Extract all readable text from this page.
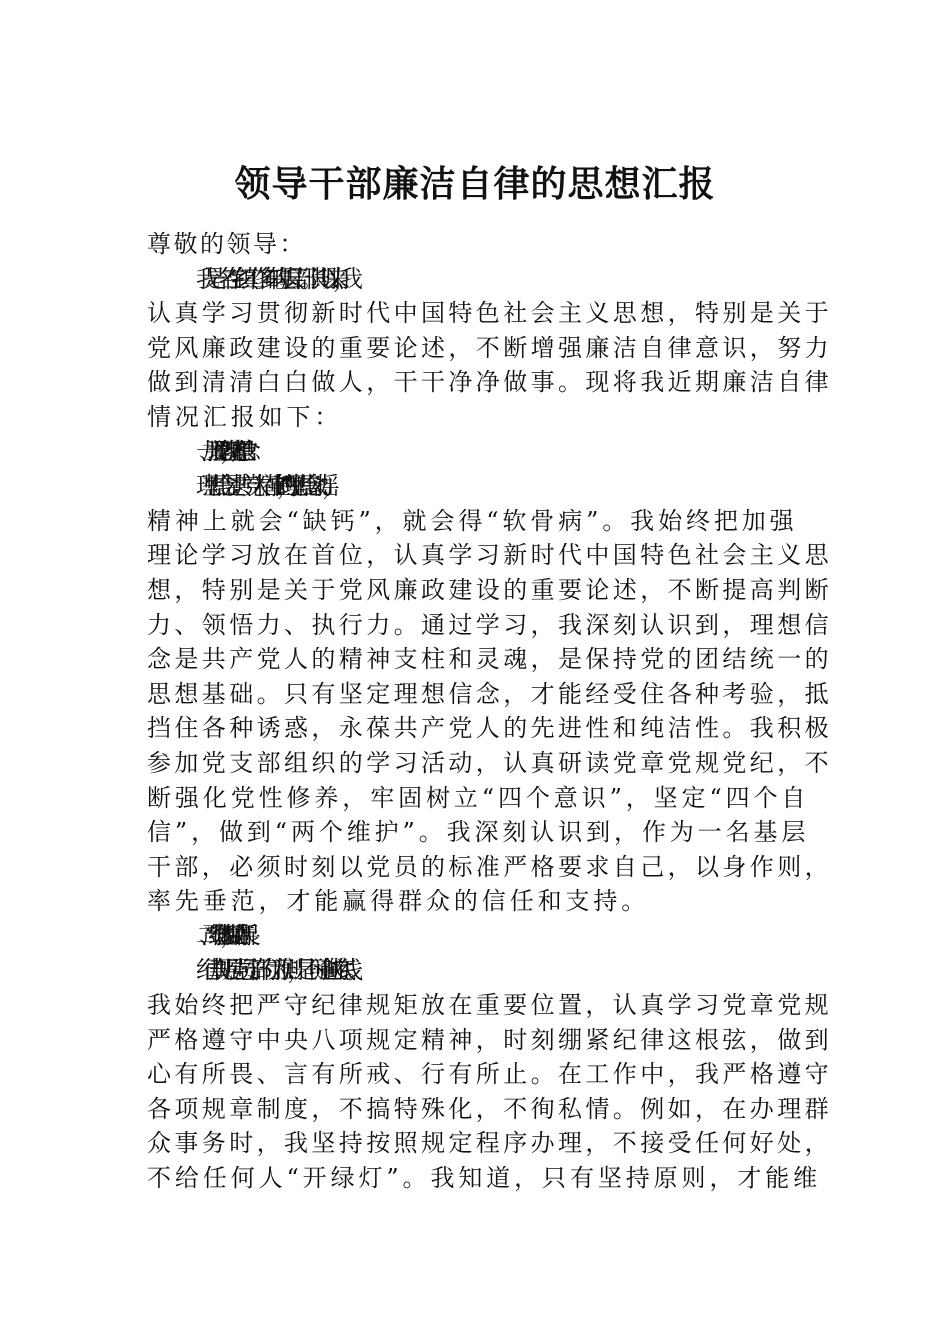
领导干部廉洁自律的思想汇报

尊敬的领导：

我是一名在乡镇工作多年的基层干部。长期以来，我

认真学习贯彻新时代中国特色社会主义思想，特别是关于

党风廉政建设的重要论述，不断增强廉洁自律意识，努力

做到清清白白做人，干干净净做事。现将我近期廉洁自律

情况汇报如下：

一、加强理论学习，坚定理想信念

理想信念是共产党人精神上的“钙”，理想信念动摇，

精神上就会“缺钙”，就会得“软骨病”。我始终把加强

理论学习放在首位，认真学习新时代中国特色社会主义思

想，特别是关于党风廉政建设的重要论述，不断提高判断

力、领悟力、执行力。通过学习，我深刻认识到，理想信

念是共产党人的精神支柱和灵魂，是保持党的团结统一的

思想基础。只有坚定理想信念，才能经受住各种考验，抵

挡住各种诱惑，永葆共产党人的先进性和纯洁性。我积极

参加党支部组织的学习活动，认真研读党章党规党纪，不

断强化党性修养，牢固树立“四个意识”，坚定“四个自

信”，做到“两个维护”。我深刻认识到，作为一名基层

干部，必须时刻以党员的标准严格要求自己，以身作则，

率先垂范，才能赢得群众的信任和支持。

二、严守纪律规矩，做到心有所畏

纪律规矩是党员干部的行为准则，是不可逾越的底线。

我始终把严守纪律规矩放在重要位置，认真学习党章党规

严格遵守中央八项规定精神，时刻绷紧纪律这根弦，做到

心有所畏、言有所戒、行有所止。在工作中，我严格遵守

各项规章制度，不搞特殊化，不徇私情。例如，在办理群

众事务时，我坚持按照规定程序办理，不接受任何好处，

不给任何人“开绿灯”。我知道，只有坚持原则，才能维
